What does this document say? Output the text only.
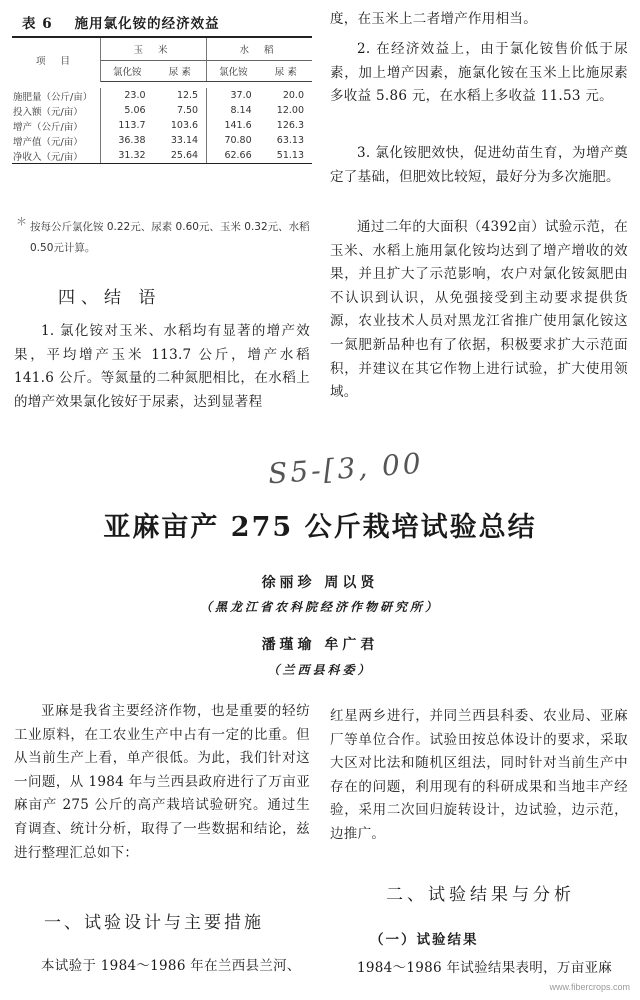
表 6 施用氯化铵的经济效益
项 目	玉 米		水 稻	
	氯化铵	尿 素	氯化铵	尿 素

施肥量（公斤/亩）	23.0	12.5	37.0	20.0
投入额（元/亩）	5.06	7.50	8.14	12.00
增产（公斤/亩）	113.7	103.6	141.6	126.3
增产值（元/亩）	36.38	33.14	70.80	63.13
净收入（元/亩）	31.32	25.64	62.66	51.13
＊ 按每公斤氯化铵 0.22元、尿素 0.60元、玉米 0.32元、水稻 0.50元计算。
四、结 语

1. 氯化铵对玉米、水稻均有显著的增产效果，平均增产玉米 113.7 公斤，增产水稻 141.6 公斤。等氮量的二种氮肥相比，在水稻上的增产效果氯化铵好于尿素，达到显著程

度，在玉米上二者增产作用相当。

2. 在经济效益上，由于氯化铵售价低于尿素，加上增产因素，施氯化铵在玉米上比施尿素多收益 5.86 元，在水稻上多收益 11.53 元。

3. 氯化铵肥效快，促进幼苗生育，为增产奠定了基础，但肥效比较短，最好分为多次施肥。

通过二年的大面积（4392亩）试验示范，在玉米、水稻上施用氯化铵均达到了增产增收的效果，并且扩大了示范影响，农户对氯化铵氮肥由不认识到认识，从免强接受到主动要求提供货源，农业技术人员对黑龙江省推广使用氯化铵这一氮肥新品种也有了依据，积极要求扩大示范面积，并建议在其它作物上进行试验，扩大使用领域。

S5-[3, 00
亚麻亩产 275 公斤栽培试验总结
徐丽珍 周以贤
（黑龙江省农科院经济作物研究所）
潘瑾瑜 牟广君
（兰西县科委）

亚麻是我省主要经济作物，也是重要的轻纺工业原料，在工农业生产中占有一定的比重。但从当前生产上看，单产很低。为此，我们针对这一问题，从 1984 年与兰西县政府进行了万亩亚麻亩产 275 公斤的高产栽培试验研究。通过生育调查、统计分析，取得了一些数据和结论，兹进行整理汇总如下：

红星两乡进行，并同兰西县科委、农业局、亚麻厂等单位合作。试验田按总体设计的要求，采取大区对比法和随机区组法，同时针对当前生产中存在的问题，利用现有的科研成果和当地丰产经验，采用二次回归旋转设计，边试验，边示范，边推广。

一、试验设计与主要措施

本试验于 1984～1986 年在兰西县兰河、

二、试验结果与分析
（一）试验结果

1984～1986 年试验结果表明，万亩亚麻

www.fibercrops.com
